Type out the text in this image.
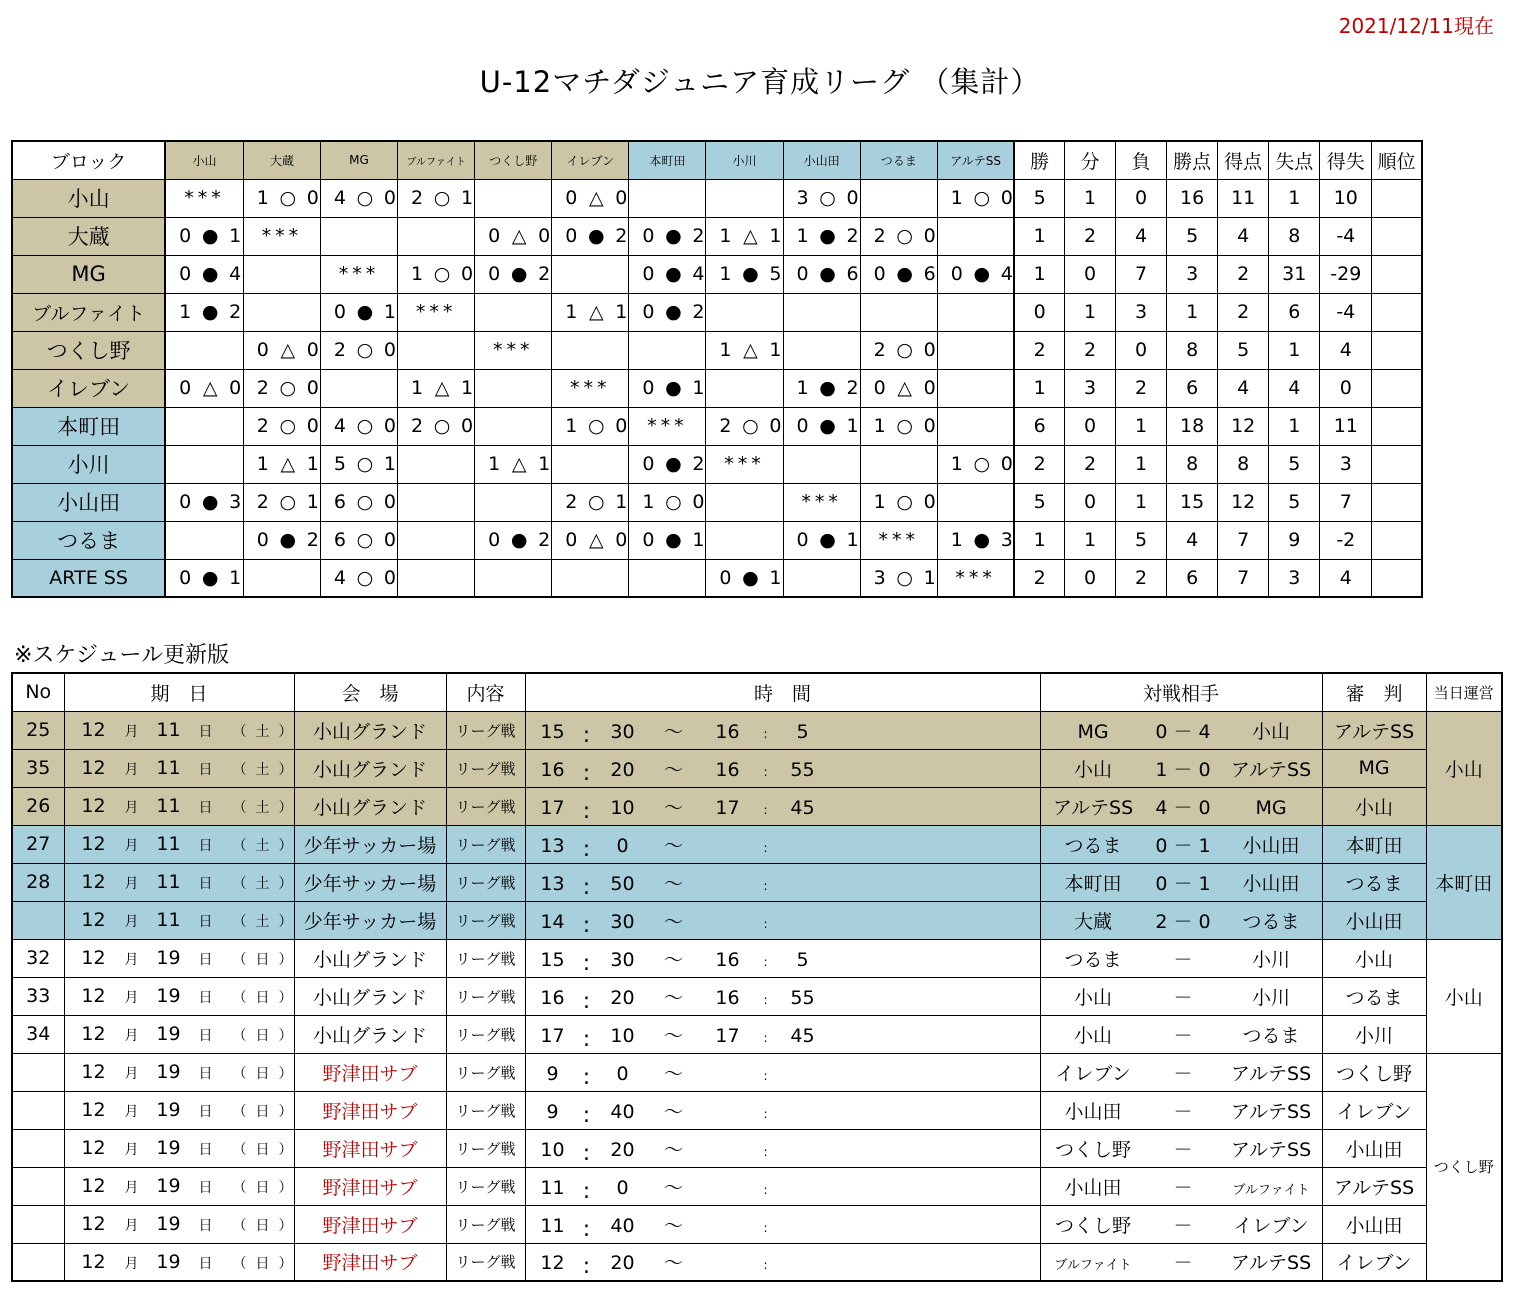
2021/12/11現在
U-12マチダジュニア育成リーグ （集計）
ブロック	小山	大蔵	MG	ブルファイト	つくし野	イレブン	本町田	小川	小山田	つるま	アルテSS	勝	分	負	勝点	得点	失点	得失	順位
小山	***	1 ○ 0	4 ○ 0	2 ○ 1		0 △ 0			3 ○ 0		1 ○ 0	5	1	0	16	11	1	10	
大蔵	0 ● 1	***			0 △ 0	0 ● 2	0 ● 2	1 △ 1	1 ● 2	2 ○ 0		1	2	4	5	4	8	-4	
MG	0 ● 4		***	1 ○ 0	0 ● 2		0 ● 4	1 ● 5	0 ● 6	0 ● 6	0 ● 4	1	0	7	3	2	31	-29	
ブルファイト	1 ● 2		0 ● 1	***		1 △ 1	0 ● 2					0	1	3	1	2	6	-4	
つくし野		0 △ 0	2 ○ 0		***			1 △ 1		2 ○ 0		2	2	0	8	5	1	4	
イレブン	0 △ 0	2 ○ 0		1 △ 1		***	0 ● 1		1 ● 2	0 △ 0		1	3	2	6	4	4	0	
本町田		2 ○ 0	4 ○ 0	2 ○ 0		1 ○ 0	***	2 ○ 0	0 ● 1	1 ○ 0		6	0	1	18	12	1	11	
小川		1 △ 1	5 ○ 1		1 △ 1		0 ● 2	***			1 ○ 0	2	2	1	8	8	5	3	
小山田	0 ● 3	2 ○ 1	6 ○ 0			2 ○ 1	1 ○ 0		***	1 ○ 0		5	0	1	15	12	5	7	
つるま		0 ● 2	6 ○ 0		0 ● 2	0 △ 0	0 ● 1		0 ● 1	***	1 ● 3	1	1	5	4	7	9	-2	
ARTE SS	0 ● 1		4 ○ 0					0 ● 1		3 ○ 1	***	2	0	2	6	7	3	4	
※スケジュール更新版
No	期　日	会　場	内容	時　間	対戦相手	審　判	当日運営
25	12 月 11 日 （ 土 ）	小山グランド	リーグ戦	15 : 30 ～ 16 : 5	MG 0 － 4 小山	アルテSS	小山
35	12 月 11 日 （ 土 ）	小山グランド	リーグ戦	16 : 20 ～ 16 : 55	小山 1 － 0 アルテSS	MG	
26	12 月 11 日 （ 土 ）	小山グランド	リーグ戦	17 : 10 ～ 17 : 45	アルテSS 4 － 0 MG	小山	
27	12 月 11 日 （ 土 ）	少年サッカー場	リーグ戦	13 : 0 ～ :	つるま 0 － 1 小山田	本町田	本町田
28	12 月 11 日 （ 土 ）	少年サッカー場	リーグ戦	13 : 50 ～ :	本町田 0 － 1 小山田	つるま	
	12 月 11 日 （ 土 ）	少年サッカー場	リーグ戦	14 : 30 ～ :	大蔵 2 － 0 つるま	小山田	
32	12 月 19 日 （ 日 ）	小山グランド	リーグ戦	15 : 30 ～ 16 : 5	つるま － 小川	小山	小山
33	12 月 19 日 （ 日 ）	小山グランド	リーグ戦	16 : 20 ～ 16 : 55	小山 － 小川	つるま	
34	12 月 19 日 （ 日 ）	小山グランド	リーグ戦	17 : 10 ～ 17 : 45	小山 － つるま	小川	
	12 月 19 日 （ 日 ）	野津田サブ	リーグ戦	9 : 0 ～ :	イレブン － アルテSS	つくし野	つくし野
	12 月 19 日 （ 日 ）	野津田サブ	リーグ戦	9 : 40 ～ :	小山田 － アルテSS	イレブン	
	12 月 19 日 （ 日 ）	野津田サブ	リーグ戦	10 : 20 ～ :	つくし野 － アルテSS	小山田	
	12 月 19 日 （ 日 ）	野津田サブ	リーグ戦	11 : 0 ～ :	小山田 － ブルファイト	アルテSS	
	12 月 19 日 （ 日 ）	野津田サブ	リーグ戦	11 : 40 ～ :	つくし野 － イレブン	小山田	
	12 月 19 日 （ 日 ）	野津田サブ	リーグ戦	12 : 20 ～ :	ブルファイト － アルテSS	イレブン	
